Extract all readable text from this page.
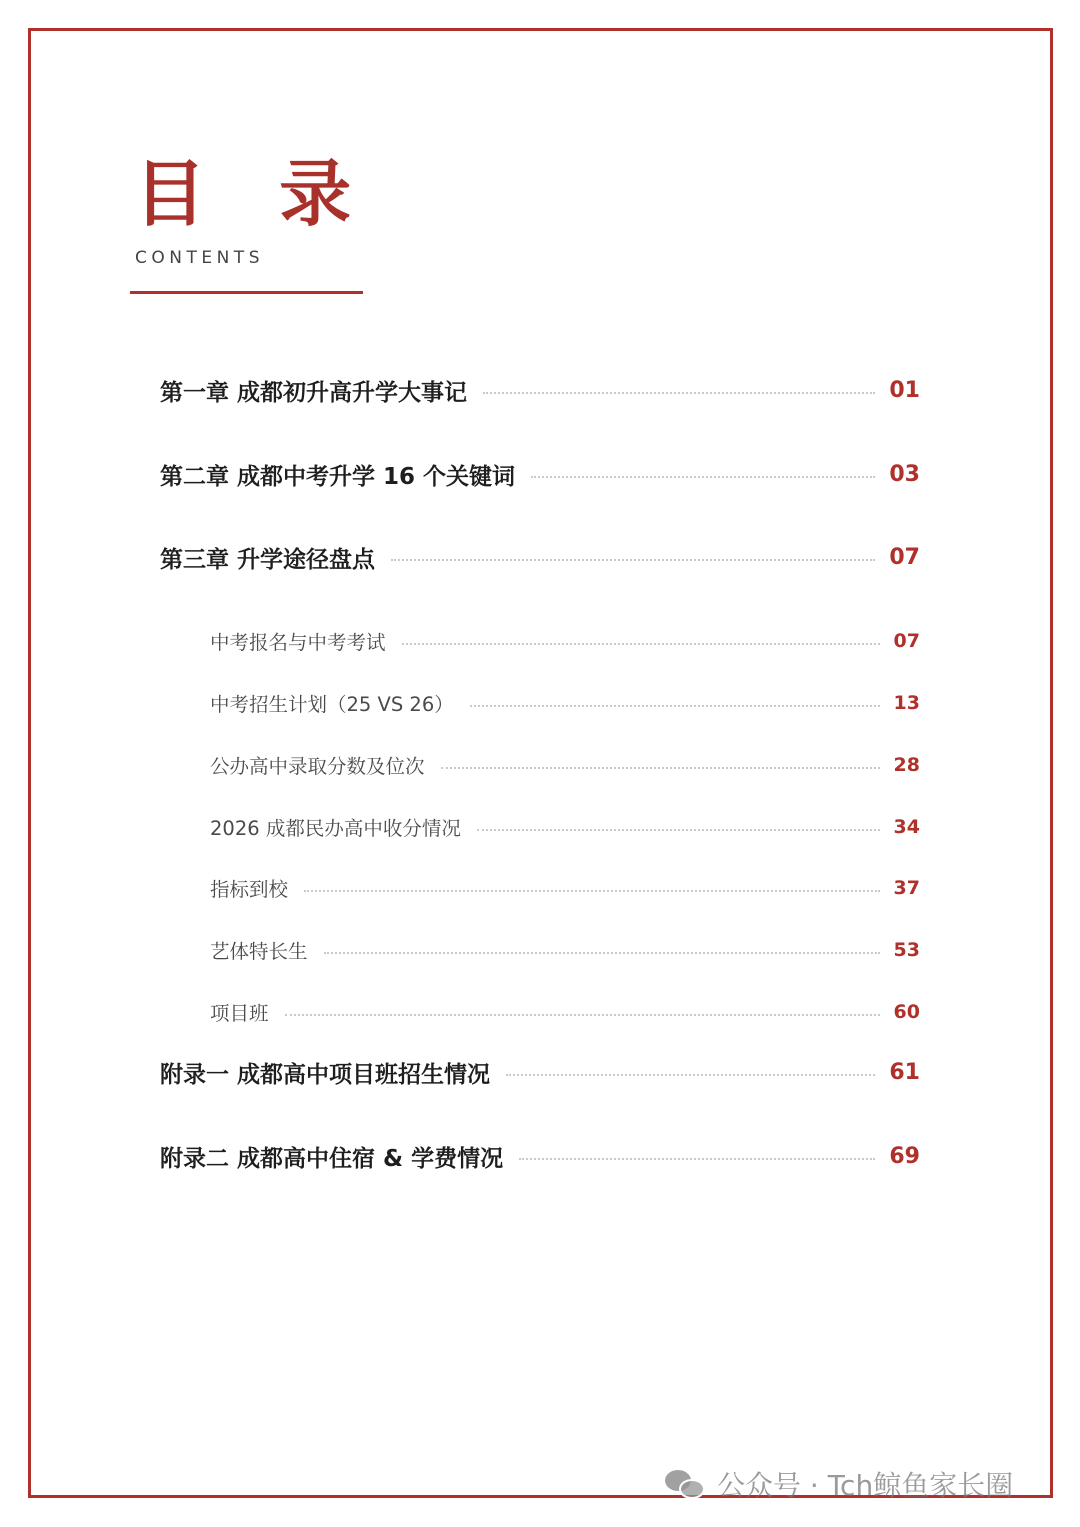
目 录
CONTENTS
第一章 成都初升高升学大事记	01
第二章 成都中考升学 16 个关键词	03
第三章 升学途径盘点	07
中考报名与中考考试	07
中考招生计划（25 VS 26）	13
公办高中录取分数及位次	28
2026 成都民办高中收分情况	34
指标到校	37
艺体特长生	53
项目班	60
附录一 成都高中项目班招生情况	61
附录二 成都高中住宿 & 学费情况	69
公众号 · Tch鲸鱼家长圈
